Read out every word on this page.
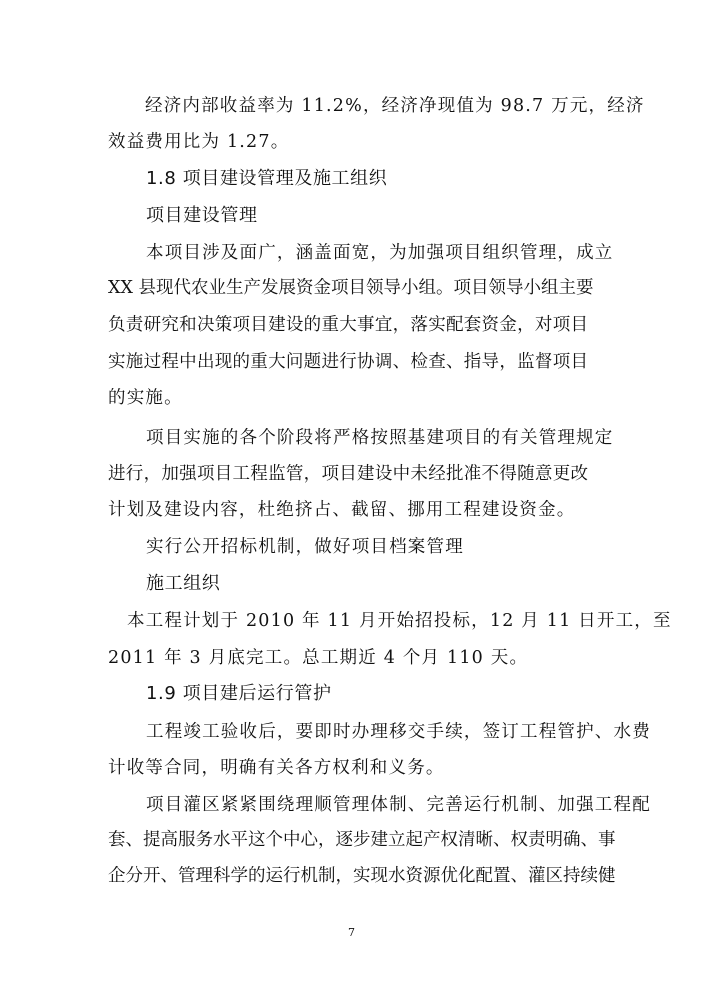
经济内部收益率为 11.2%，经济净现值为 98.7 万元，经济
效益费用比为 1.27。
1.8 项目建设管理及施工组织
项目建设管理
本项目涉及面广，涵盖面宽，为加强项目组织管理，成立
XX 县现代农业生产发展资金项目领导小组。项目领导小组主要
负责研究和决策项目建设的重大事宜，落实配套资金，对项目
实施过程中出现的重大问题进行协调、检查、指导，监督项目
的实施。
项目实施的各个阶段将严格按照基建项目的有关管理规定
进行，加强项目工程监管，项目建设中未经批准不得随意更改
计划及建设内容，杜绝挤占、截留、挪用工程建设资金。
实行公开招标机制，做好项目档案管理
施工组织
本工程计划于 2010 年 11 月开始招投标，12 月 11 日开工，至
2011 年 3 月底完工。总工期近 4 个月 110 天。
1.9 项目建后运行管护
工程竣工验收后，要即时办理移交手续，签订工程管护、水费
计收等合同，明确有关各方权利和义务。
项目灌区紧紧围绕理顺管理体制、完善运行机制、加强工程配
套、提高服务水平这个中心，逐步建立起产权清晰、权责明确、事
企分开、管理科学的运行机制，实现水资源优化配置、灌区持续健
7
